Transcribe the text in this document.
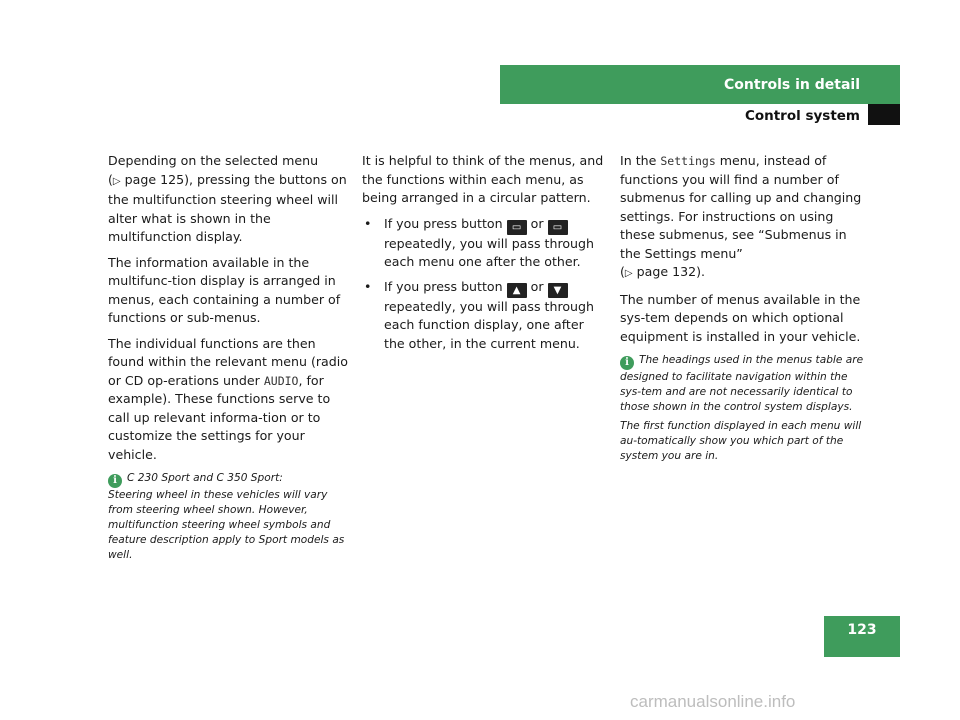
Controls in detail
Control system

Depending on the selected menu
(▷ page 125), pressing the buttons on the multifunction steering wheel will alter what is shown in the multifunction display.

The information available in the multifunc-tion display is arranged in menus, each containing a number of functions or sub-menus.

The individual functions are then found within the relevant menu (radio or CD op-erations under AUDIO, for example). These functions serve to call up relevant informa-tion or to customize the settings for your vehicle.

i C 230 Sport and C 350 Sport:
Steering wheel in these vehicles will vary from steering wheel shown. However, multifunction steering wheel symbols and feature description apply to Sport models as well.

It is helpful to think of the menus, and the functions within each menu, as being arranged in a circular pattern.

• If you press button ▭ or ▭ repeatedly, you will pass through each menu one after the other.
• If you press button ▲ or ▼ repeatedly, you will pass through each function display, one after the other, in the current menu.

In the Settings menu, instead of functions you will find a number of submenus for calling up and changing settings. For instructions on using these submenus, see “Submenus in the Settings menu”
(▷ page 132).

The number of menus available in the sys-tem depends on which optional equipment is installed in your vehicle.

i The headings used in the menus table are designed to facilitate navigation within the sys-tem and are not necessarily identical to those shown in the control system displays.

The first function displayed in each menu will au-tomatically show you which part of the system you are in.

123
carmanualsonline.info
